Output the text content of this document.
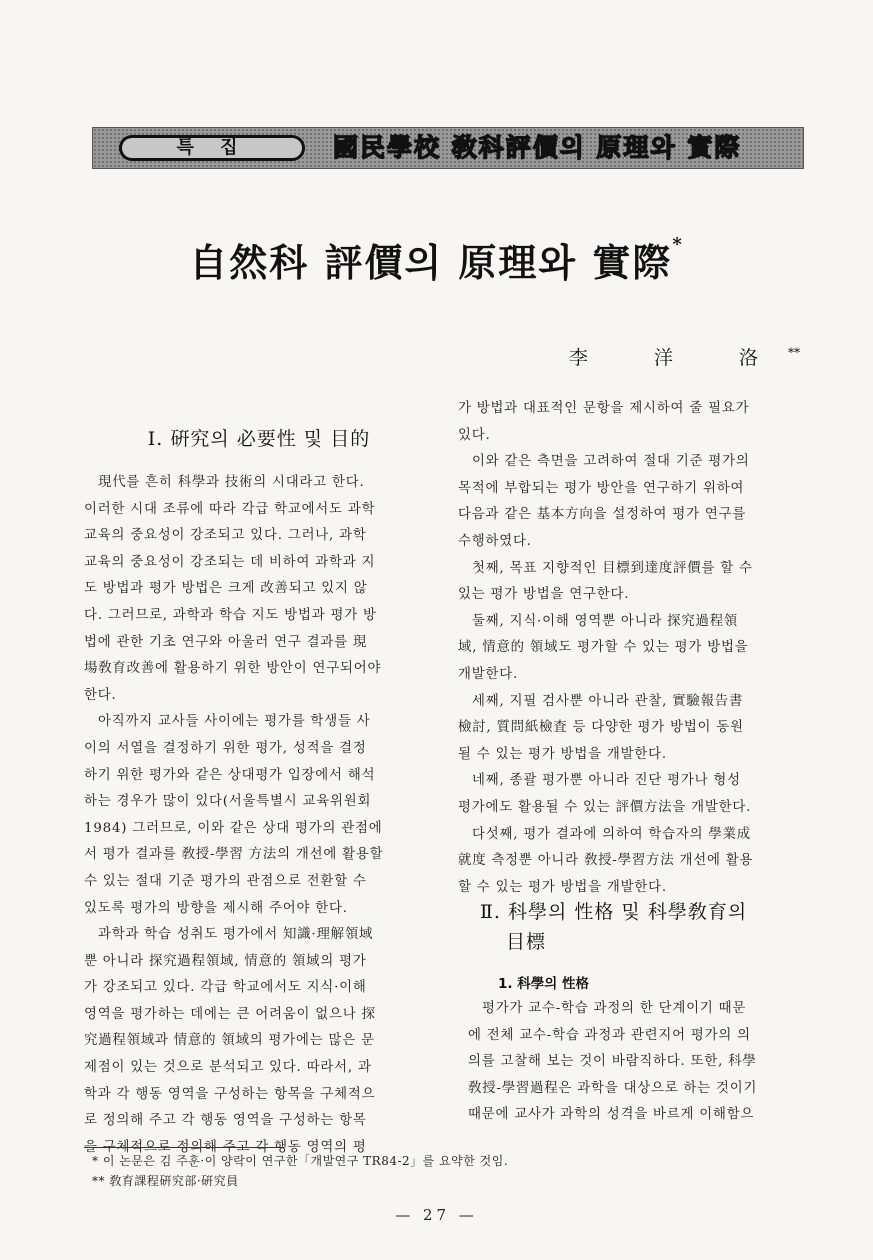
특 집	國民學校 敎科評價의 原理와 實際
自然科 評價의 原理와 實際*
李 洋 洛**
Ⅰ. 硏究의 必要性 및 目的

現代를 흔히 科學과 技術의 시대라고 한다.

이러한 시대 조류에 따라 각급 학교에서도 과학

교육의 중요성이 강조되고 있다. 그러나, 과학

교육의 중요성이 강조되는 데 비하여 과학과 지

도 방법과 평가 방법은 크게 改善되고 있지 않

다. 그러므로, 과학과 학습 지도 방법과 평가 방

법에 관한 기초 연구와 아울러 연구 결과를 現

場敎育改善에 활용하기 위한 방안이 연구되어야

한다.

아직까지 교사들 사이에는 평가를 학생들 사

이의 서열을 결정하기 위한 평가, 성적을 결정

하기 위한 평가와 같은 상대평가 입장에서 해석

하는 경우가 많이 있다(서울특별시 교육위원회

1984) 그러므로, 이와 같은 상대 평가의 관점에

서 평가 결과를 敎授-學習 方法의 개선에 활용할

수 있는 절대 기준 평가의 관점으로 전환할 수

있도록 평가의 방향을 제시해 주어야 한다.

과학과 학습 성취도 평가에서 知識·理解領域

뿐 아니라 探究過程領域, 情意的 領域의 평가

가 강조되고 있다. 각급 학교에서도 지식·이해

영역을 평가하는 데에는 큰 어려움이 없으나 探

究過程領域과 情意的 領域의 평가에는 많은 문

제점이 있는 것으로 분석되고 있다. 따라서, 과

학과 각 행동 영역을 구성하는 항목을 구체적으

로 정의해 주고 각 행동 영역을 구성하는 항목

을 구체적으로 정의해 주고 각 행동 영역의 평

가 방법과 대표적인 문항을 제시하여 줄 필요가

있다.

이와 같은 측면을 고려하여 절대 기준 평가의

목적에 부합되는 평가 방안을 연구하기 위하여

다음과 같은 基本方向을 설정하여 평가 연구를

수행하였다.

첫째, 목표 지향적인 目標到達度評價를 할 수

있는 평가 방법을 연구한다.

둘째, 지식·이해 영역뿐 아니라 探究過程領

域, 情意的 領域도 평가할 수 있는 평가 방법을

개발한다.

세째, 지필 검사뿐 아니라 관찰, 實驗報告書

檢討, 質問紙檢査 등 다양한 평가 방법이 동원

될 수 있는 평가 방법을 개발한다.

네째, 종괄 평가뿐 아니라 진단 평가나 형성

평가에도 활용될 수 있는 評價方法을 개발한다.

다섯째, 평가 결과에 의하여 학습자의 學業成

就度 측정뿐 아니라 敎授-學習方法 개선에 활용

할 수 있는 평가 방법을 개발한다.

Ⅱ. 科學의 性格 및 科學敎育의
目標
1. 科學의 性格

평가가 교수-학습 과정의 한 단계이기 때문

에 전체 교수-학습 과정과 관련지어 평가의 의

의를 고찰해 보는 것이 바람직하다. 또한, 科學

敎授-學習過程은 과학을 대상으로 하는 것이기

때문에 교사가 과학의 성격을 바르게 이해함으

* 이 논문은 김 주훈·이 양락이 연구한「개발연구 TR84-2」를 요약한 것임.
** 敎育課程硏究部·硏究員
— 27 —
